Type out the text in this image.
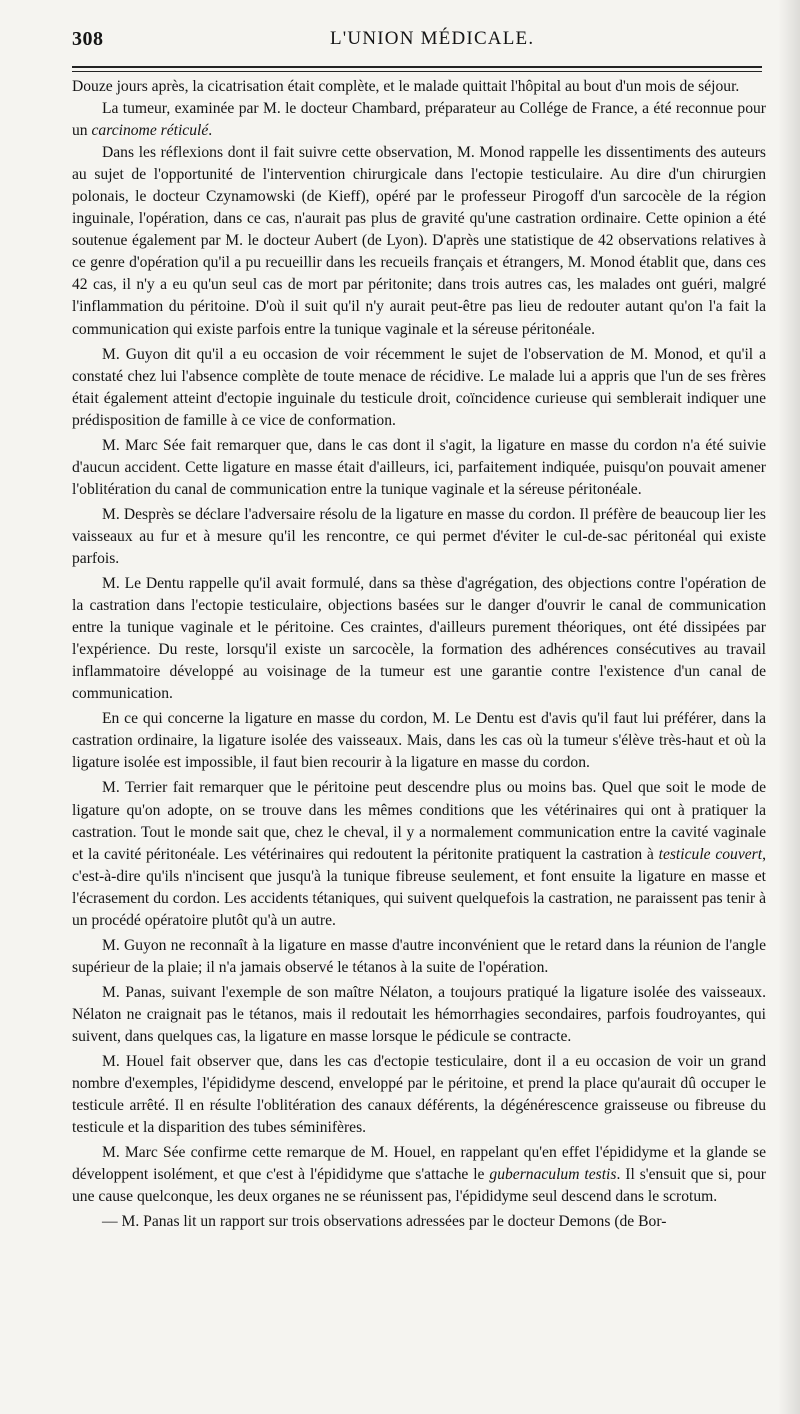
308	L'UNION MÉDICALE.

Douze jours après, la cicatrisation était complète, et le malade quittait l'hôpital au bout d'un mois de séjour.

La tumeur, examinée par M. le docteur Chambard, préparateur au Collége de France, a été reconnue pour un carcinome réticulé.

Dans les réflexions dont il fait suivre cette observation, M. Monod rappelle les dissentiments des auteurs au sujet de l'opportunité de l'intervention chirurgicale dans l'ectopie testiculaire. Au dire d'un chirurgien polonais, le docteur Czynamowski (de Kieff), opéré par le professeur Pirogoff d'un sarcocèle de la région inguinale, l'opération, dans ce cas, n'aurait pas plus de gravité qu'une castration ordinaire. Cette opinion a été soutenue également par M. le docteur Aubert (de Lyon). D'après une statistique de 42 observations relatives à ce genre d'opération qu'il a pu recueillir dans les recueils français et étrangers, M. Monod établit que, dans ces 42 cas, il n'y a eu qu'un seul cas de mort par péritonite; dans trois autres cas, les malades ont guéri, malgré l'inflammation du péritoine. D'où il suit qu'il n'y aurait peut-être pas lieu de redouter autant qu'on l'a fait la communication qui existe parfois entre la tunique vaginale et la séreuse péritonéale.

M. Guyon dit qu'il a eu occasion de voir récemment le sujet de l'observation de M. Monod, et qu'il a constaté chez lui l'absence complète de toute menace de récidive. Le malade lui a appris que l'un de ses frères était également atteint d'ectopie inguinale du testicule droit, coïncidence curieuse qui semblerait indiquer une prédisposition de famille à ce vice de conformation.

M. Marc Sée fait remarquer que, dans le cas dont il s'agit, la ligature en masse du cordon n'a été suivie d'aucun accident. Cette ligature en masse était d'ailleurs, ici, parfaitement indiquée, puisqu'on pouvait amener l'oblitération du canal de communication entre la tunique vaginale et la séreuse péritonéale.

M. Desprès se déclare l'adversaire résolu de la ligature en masse du cordon. Il préfère de beaucoup lier les vaisseaux au fur et à mesure qu'il les rencontre, ce qui permet d'éviter le cul-de-sac péritonéal qui existe parfois.

M. Le Dentu rappelle qu'il avait formulé, dans sa thèse d'agrégation, des objections contre l'opération de la castration dans l'ectopie testiculaire, objections basées sur le danger d'ouvrir le canal de communication entre la tunique vaginale et le péritoine. Ces craintes, d'ailleurs purement théoriques, ont été dissipées par l'expérience. Du reste, lorsqu'il existe un sarcocèle, la formation des adhérences consécutives au travail inflammatoire développé au voisinage de la tumeur est une garantie contre l'existence d'un canal de communication.

En ce qui concerne la ligature en masse du cordon, M. Le Dentu est d'avis qu'il faut lui préférer, dans la castration ordinaire, la ligature isolée des vaisseaux. Mais, dans les cas où la tumeur s'élève très-haut et où la ligature isolée est impossible, il faut bien recourir à la ligature en masse du cordon.

M. Terrier fait remarquer que le péritoine peut descendre plus ou moins bas. Quel que soit le mode de ligature qu'on adopte, on se trouve dans les mêmes conditions que les vétérinaires qui ont à pratiquer la castration. Tout le monde sait que, chez le cheval, il y a normalement communication entre la cavité vaginale et la cavité péritonéale. Les vétérinaires qui redoutent la péritonite pratiquent la castration à testicule couvert, c'est-à-dire qu'ils n'incisent que jusqu'à la tunique fibreuse seulement, et font ensuite la ligature en masse et l'écrasement du cordon. Les accidents tétaniques, qui suivent quelquefois la castration, ne paraissent pas tenir à un procédé opératoire plutôt qu'à un autre.

M. Guyon ne reconnaît à la ligature en masse d'autre inconvénient que le retard dans la réunion de l'angle supérieur de la plaie; il n'a jamais observé le tétanos à la suite de l'opération.

M. Panas, suivant l'exemple de son maître Nélaton, a toujours pratiqué la ligature isolée des vaisseaux. Nélaton ne craignait pas le tétanos, mais il redoutait les hémorrhagies secondaires, parfois foudroyantes, qui suivent, dans quelques cas, la ligature en masse lorsque le pédicule se contracte.

M. Houel fait observer que, dans les cas d'ectopie testiculaire, dont il a eu occasion de voir un grand nombre d'exemples, l'épididyme descend, enveloppé par le péritoine, et prend la place qu'aurait dû occuper le testicule arrêté. Il en résulte l'oblitération des canaux déférents, la dégénérescence graisseuse ou fibreuse du testicule et la disparition des tubes séminifères.

M. Marc Sée confirme cette remarque de M. Houel, en rappelant qu'en effet l'épididyme et la glande se développent isolément, et que c'est à l'épididyme que s'attache le gubernaculum testis. Il s'ensuit que si, pour une cause quelconque, les deux organes ne se réunissent pas, l'épididyme seul descend dans le scrotum.

— M. Panas lit un rapport sur trois observations adressées par le docteur Demons (de Bor-
